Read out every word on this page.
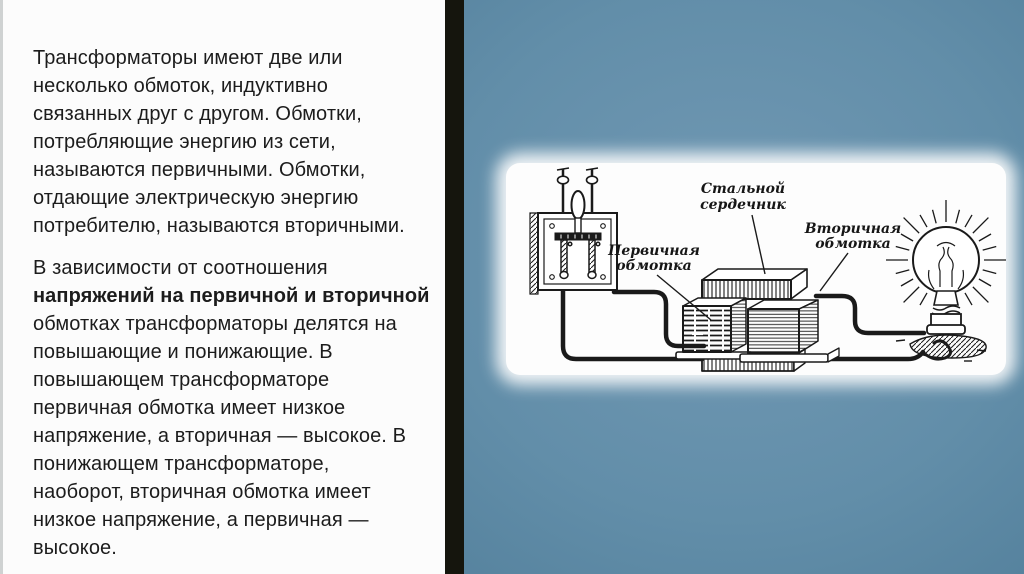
Трансформаторы имеют две или
несколько обмоток, индуктивно
связанных друг с другом. Обмотки,
потребляющие энергию из сети,
называются первичными. Обмотки,
отдающие электрическую энергию
потребителю, называются вторичными.

В зависимости от соотношения
напряжений на первичной и вторичной
обмотках трансформаторы делятся на
повышающие и понижающие. В
повышающем трансформаторе
первичная обмотка имеет низкое
напряжение, а вторичная — высокое. В
понижающем трансформаторе,
наоборот, вторичная обмотка имеет
низкое напряжение, а первичная —
высокое.

Стальной
сердечник
Первичная
обмотка
Вторичная
обмотка
